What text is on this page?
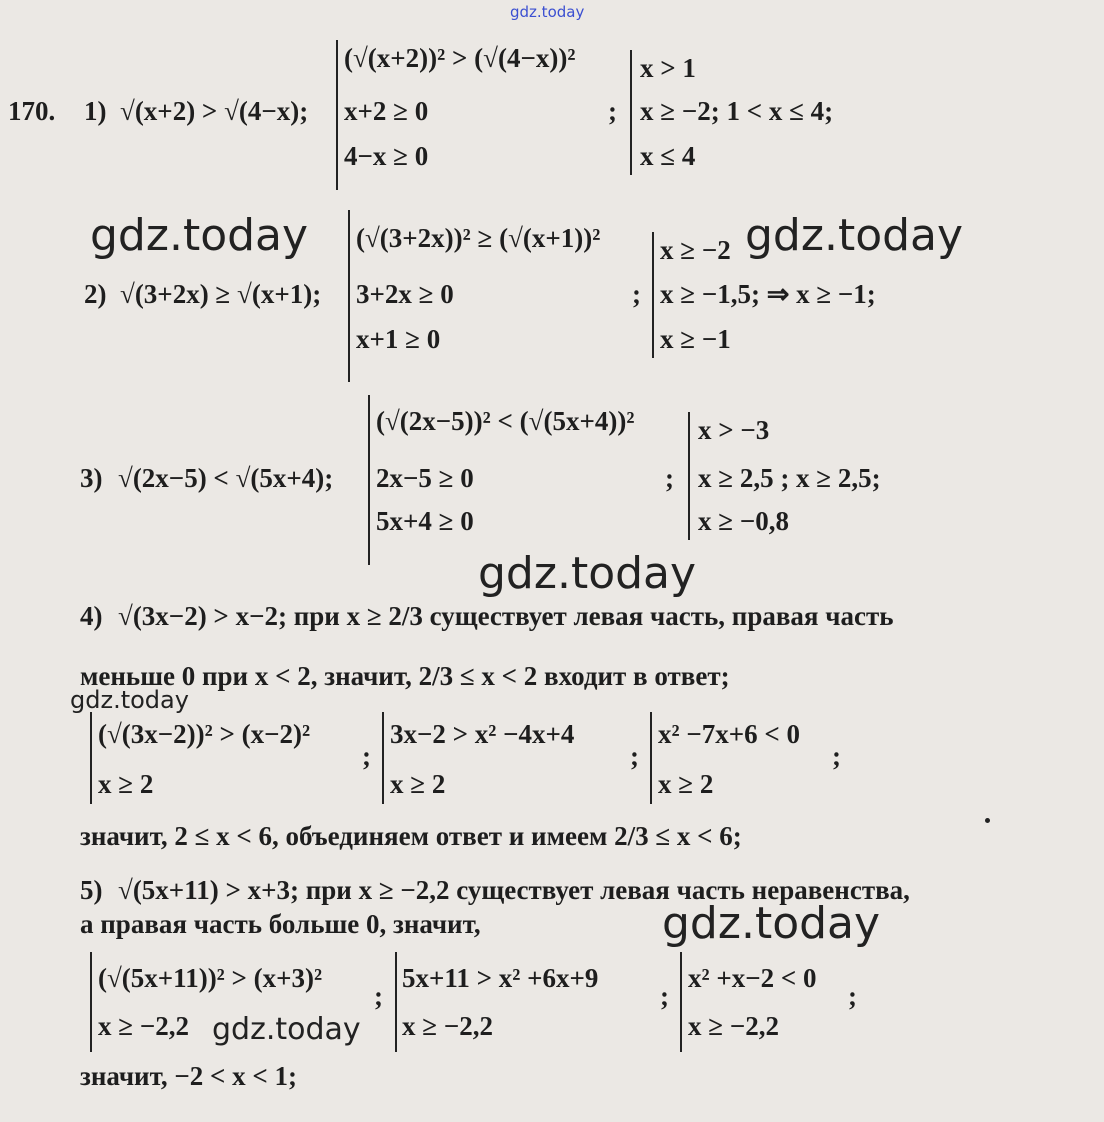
gdz.today
170. 1) √(x+2) > √(4−x);
(√(x+2))² > (√(4−x))²
x+2 ≥ 0
4−x ≥ 0
;
x > 1
x ≥ −2; 1 < x ≤ 4;
x ≤ 4
gdz.today
2) √(3+2x) ≥ √(x+1);
(√(3+2x))² ≥ (√(x+1))²
3+2x ≥ 0
x+1 ≥ 0
;
x ≥ −2
x ≥ −1,5; ⇒ x ≥ −1;
x ≥ −1
gdz.today
3) √(2x−5) < √(5x+4);
(√(2x−5))² < (√(5x+4))²
2x−5 ≥ 0
5x+4 ≥ 0
;
x > −3
x ≥ 2,5 ; x ≥ 2,5;
x ≥ −0,8
gdz.today
4) √(3x−2) > x−2; при x ≥ 2/3 существует левая часть, правая часть
меньше 0 при x < 2, значит, 2/3 ≤ x < 2 входит в ответ;
gdz.today
(√(3x−2))² > (x−2)²
x ≥ 2
;
3x−2 > x² −4x+4
x ≥ 2
;
x² −7x+6 < 0
x ≥ 2
;
значит, 2 ≤ x < 6, объединяем ответ и имеем 2/3 ≤ x < 6;
5) √(5x+11) > x+3; при x ≥ −2,2 существует левая часть неравенства,
а правая часть больше 0, значит,	gdz.today
(√(5x+11))² > (x+3)²
x ≥ −2,2 gdz.today
;
5x+11 > x² +6x+9
x ≥ −2,2
;
x² +x−2 < 0
x ≥ −2,2
;
значит, −2 < x < 1;
